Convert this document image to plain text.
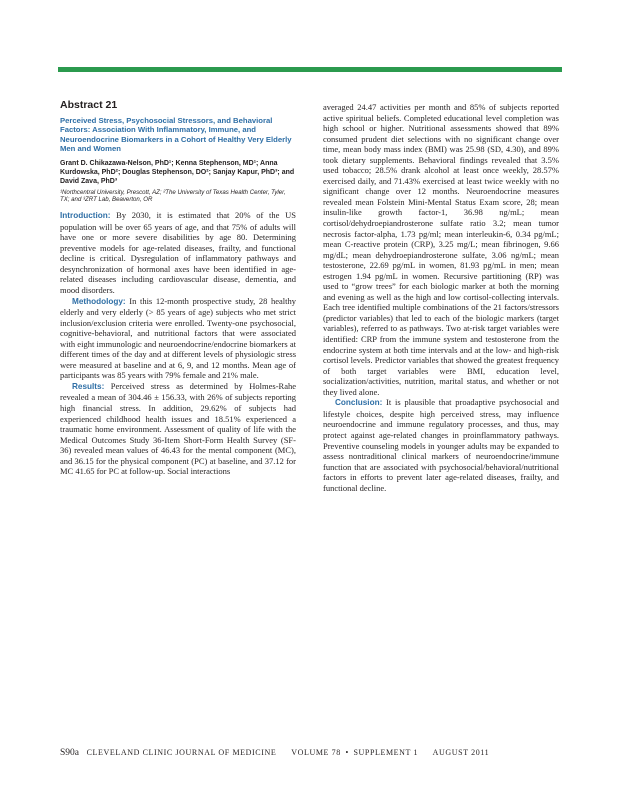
Abstract 21
Perceived Stress, Psychosocial Stressors, and Behavioral Factors: Association With Inflammatory, Immune, and Neuroendocrine Biomarkers in a Cohort of Healthy Very Elderly Men and Women
Grant D. Chikazawa-Nelson, PhD¹; Kenna Stephenson, MD¹; Anna Kurdowska, PhD²; Douglas Stephenson, DO²; Sanjay Kapur, PhD³; and David Zava, PhD³
¹Northcentral University, Prescott, AZ; ²The University of Texas Health Center, Tyler, TX; and ³ZRT Lab, Beaverton, OR

Introduction: By 2030, it is estimated that 20% of the US population will be over 65 years of age, and that 75% of adults will have one or more severe disabilities by age 80. Determining preventive models for age-related diseases, frailty, and functional decline is critical. Dysregulation of inflammatory pathways and desynchronization of hormonal axes have been identified in age-related diseases including cardiovascular disease, dementia, and mood disorders.

Methodology: In this 12-month prospective study, 28 healthy elderly and very elderly (> 85 years of age) subjects who met strict inclusion/exclusion criteria were enrolled. Twenty-one psychosocial, cognitive-behavioral, and nutritional factors that were associated with eight immunologic and neuroendocrine/endocrine biomarkers at different times of the day and at different levels of physiologic stress were measured at baseline and at 6, 9, and 12 months. Mean age of participants was 85 years with 79% female and 21% male.

Results: Perceived stress as determined by Holmes-Rahe revealed a mean of 304.46 ± 156.33, with 26% of subjects reporting high financial stress. In addition, 29.62% of subjects had experienced childhood health issues and 18.51% experienced a traumatic home environment. Assessment of quality of life with the Medical Outcomes Study 36-Item Short-Form Health Survey (SF-36) revealed mean values of 46.43 for the mental component (MC), and 36.15 for the physical component (PC) at baseline, and 37.12 for MC 41.65 for PC at follow-up. Social interactions

averaged 24.47 activities per month and 85% of subjects reported active spiritual beliefs. Completed educational level completion was high school or higher. Nutritional assessments showed that 89% consumed prudent diet selections with no significant change over time, mean body mass index (BMI) was 25.98 (SD, 4.30), and 89% took dietary supplements. Behavioral findings revealed that 3.5% used tobacco; 28.5% drank alcohol at least once weekly, 28.57% exercised daily, and 71.43% exercised at least twice weekly with no significant change over 12 months. Neuroendocrine measures revealed mean Folstein Mini-Mental Status Exam score, 28; mean insulin-like growth factor-1, 36.98 ng/mL; mean cortisol/dehydroepiandrosterone sulfate ratio 3.2; mean tumor necrosis factor-alpha, 1.73 pg/ml; mean interleukin-6, 0.34 pg/mL; mean C-reactive protein (CRP), 3.25 mg/L; mean fibrinogen, 9.66 mg/dL; mean dehydroepiandrosterone sulfate, 3.06 ng/mL; mean testosterone, 22.69 pg/mL in women, 81.93 pg/mL in men; mean estrogen 1.94 pg/mL in women. Recursive partitioning (RP) was used to “grow trees” for each biologic marker at both the morning and evening as well as the high and low cortisol-collecting intervals. Each tree identified multiple combinations of the 21 factors/stressors (predictor variables) that led to each of the biologic markers (target variables), referred to as pathways. Two at-risk target variables were identified: CRP from the immune system and testosterone from the endocrine system at both time intervals and at the low- and high-risk cortisol levels. Predictor variables that showed the greatest frequency of both target variables were BMI, education level, socialization/activities, nutrition, marital status, and whether or not they lived alone.

Conclusion: It is plausible that proadaptive psychosocial and lifestyle choices, despite high perceived stress, may influence neuroendocrine and immune regulatory processes, and thus, may protect against age-related changes in proinflammatory pathways. Preventive counseling models in younger adults may be expanded to assess nontraditional clinical markers of neuroendocrine/immune function that are associated with psychosocial/behavioral/nutritional factors in efforts to prevent later age-related diseases, frailty, and functional decline.

S90a CLEVELAND CLINIC JOURNAL OF MEDICINE VOLUME 78 • SUPPLEMENT 1 AUGUST 2011
